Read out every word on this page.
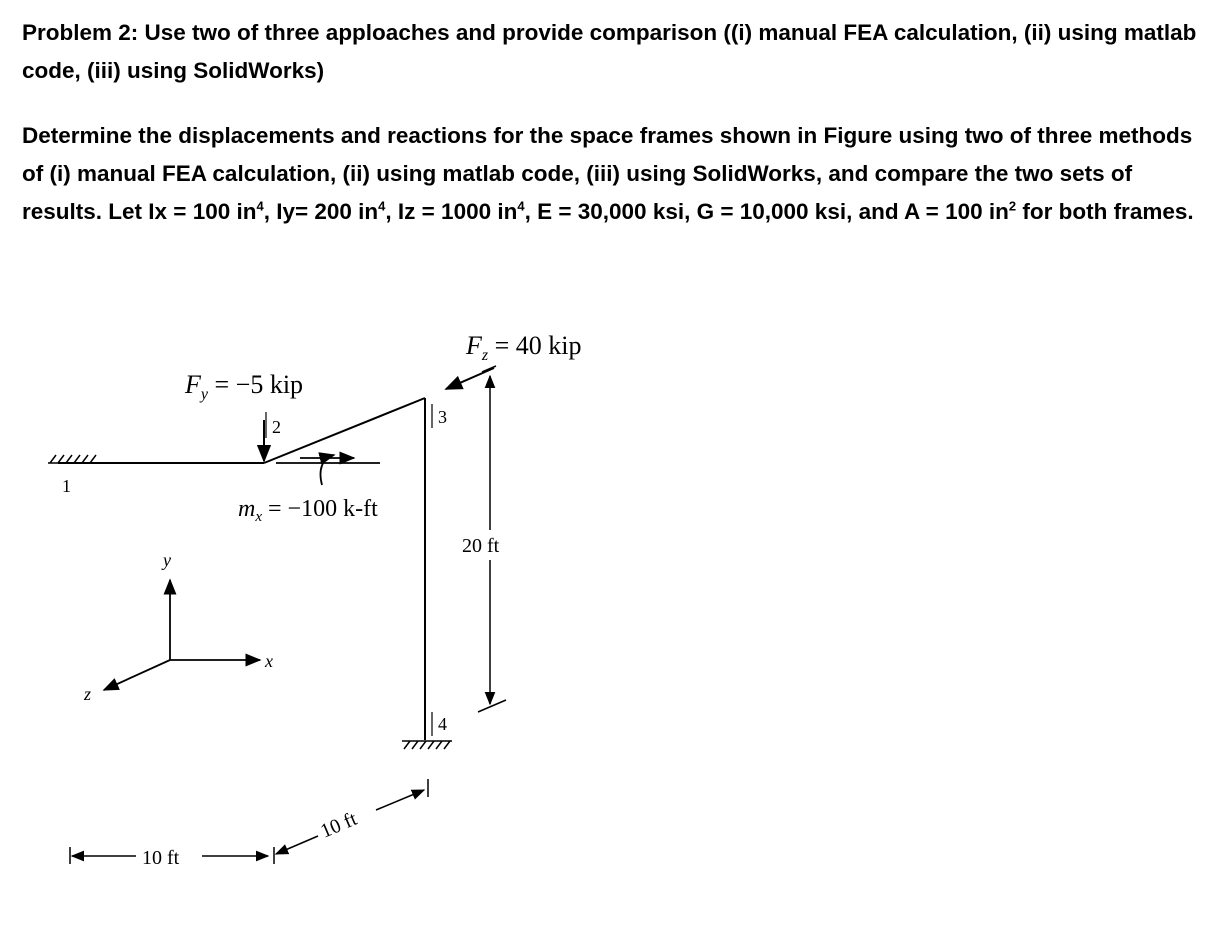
Problem 2: Use two of three apploaches and provide comparison ((i) manual FEA calculation, (ii) using matlab code, (iii) using SolidWorks)

Determine the displacements and reactions for the space frames shown in Figure using two of three methods of (i) manual FEA calculation, (ii) using matlab code, (iii) using SolidWorks, and compare the two sets of results. Let Ix = 100 $in^4$, Iy= 200 $in^4$, Iz = 1000 $in^4$, E = 30,000 ksi, G = 10,000 ksi, and A = 100 $in^2$ for both frames.

1
2	3
4
$F_y = -5$ kip
$m_x = -100$ k-ft
$F_z = 40$ kip
20 ft
y
x
z
10 ft
10 ft
